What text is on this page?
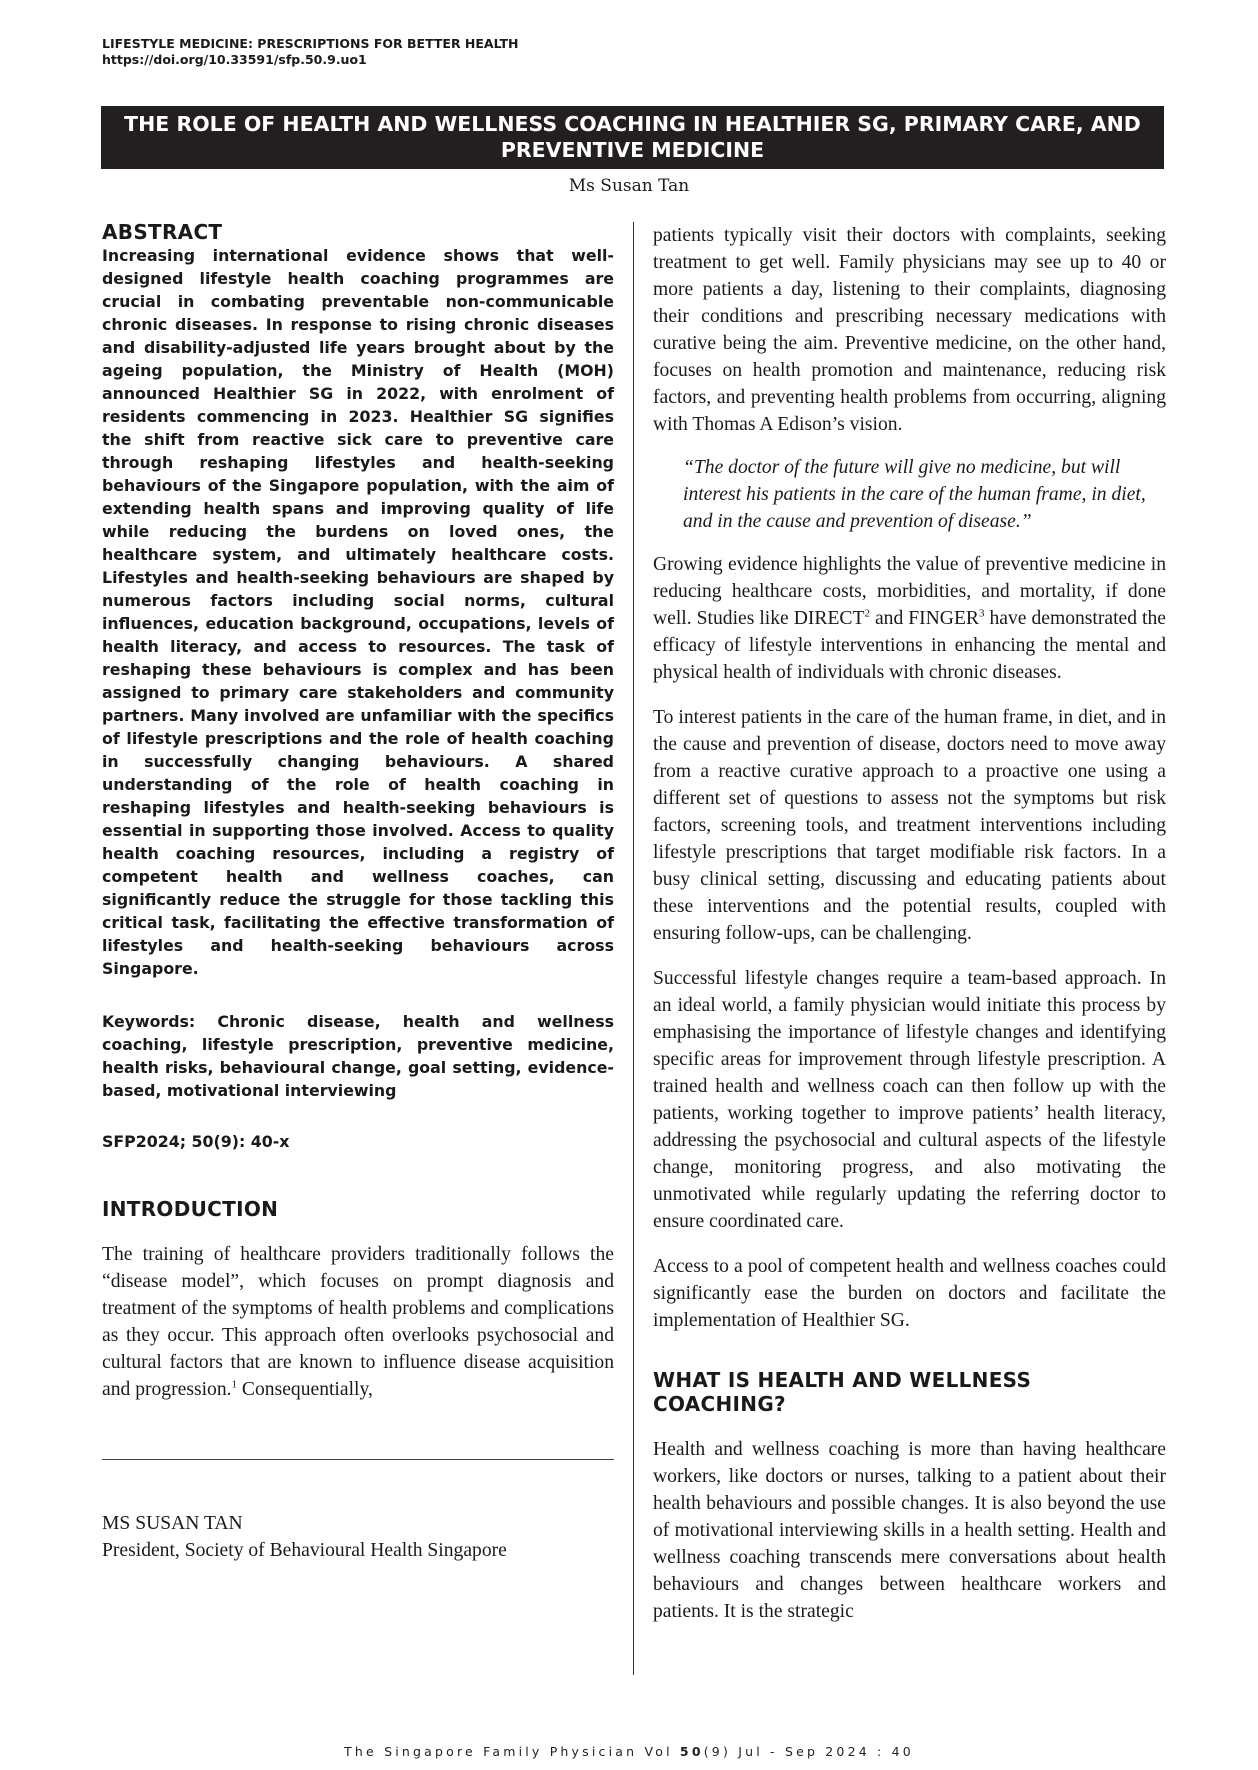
LIFESTYLE MEDICINE: PRESCRIPTIONS FOR BETTER HEALTH
https://doi.org/10.33591/sfp.50.9.uo1
THE ROLE OF HEALTH AND WELLNESS COACHING IN HEALTHIER SG, PRIMARY CARE, AND PREVENTIVE MEDICINE
Ms Susan Tan
ABSTRACT

Increasing international evidence shows that well-designed lifestyle health coaching programmes are crucial in combating preventable non-communicable chronic diseases. In response to rising chronic diseases and disability-adjusted life years brought about by the ageing population, the Ministry of Health (MOH) announced Healthier SG in 2022, with enrolment of residents commencing in 2023. Healthier SG signifies the shift from reactive sick care to preventive care through reshaping lifestyles and health-seeking behaviours of the Singapore population, with the aim of extending health spans and improving quality of life while reducing the burdens on loved ones, the healthcare system, and ultimately healthcare costs. Lifestyles and health-seeking behaviours are shaped by numerous factors including social norms, cultural influences, education background, occupations, levels of health literacy, and access to resources. The task of reshaping these behaviours is complex and has been assigned to primary care stakeholders and community partners. Many involved are unfamiliar with the specifics of lifestyle prescriptions and the role of health coaching in successfully changing behaviours. A shared understanding of the role of health coaching in reshaping lifestyles and health-seeking behaviours is essential in supporting those involved. Access to quality health coaching resources, including a registry of competent health and wellness coaches, can significantly reduce the struggle for those tackling this critical task, facilitating the effective transformation of lifestyles and health-seeking behaviours across Singapore.

Keywords: Chronic disease, health and wellness coaching, lifestyle prescription, preventive medicine, health risks, behavioural change, goal setting, evidence-based, motivational interviewing

SFP2024; 50(9): 40-x

INTRODUCTION

The training of healthcare providers traditionally follows the “disease model”, which focuses on prompt diagnosis and treatment of the symptoms of health problems and complications as they occur. This approach often overlooks psychosocial and cultural factors that are known to influence disease acquisition and progression.$^1$ Consequentially,

MS SUSAN TAN
President, Society of Behavioural Health Singapore

patients typically visit their doctors with complaints, seeking treatment to get well. Family physicians may see up to 40 or more patients a day, listening to their complaints, diagnosing their conditions and prescribing necessary medications with curative being the aim. Preventive medicine, on the other hand, focuses on health promotion and maintenance, reducing risk factors, and preventing health problems from occurring, aligning with Thomas A Edison’s vision.

“The doctor of the future will give no medicine, but will interest his patients in the care of the human frame, in diet, and in the cause and prevention of disease.”

Growing evidence highlights the value of preventive medicine in reducing healthcare costs, morbidities, and mortality, if done well. Studies like DIRECT$^2$ and FINGER$^3$ have demonstrated the efficacy of lifestyle interventions in enhancing the mental and physical health of individuals with chronic diseases.

To interest patients in the care of the human frame, in diet, and in the cause and prevention of disease, doctors need to move away from a reactive curative approach to a proactive one using a different set of questions to assess not the symptoms but risk factors, screening tools, and treatment interventions including lifestyle prescriptions that target modifiable risk factors. In a busy clinical setting, discussing and educating patients about these interventions and the potential results, coupled with ensuring follow-ups, can be challenging.

Successful lifestyle changes require a team-based approach. In an ideal world, a family physician would initiate this process by emphasising the importance of lifestyle changes and identifying specific areas for improvement through lifestyle prescription. A trained health and wellness coach can then follow up with the patients, working together to improve patients’ health literacy, addressing the psychosocial and cultural aspects of the lifestyle change, monitoring progress, and also motivating the unmotivated while regularly updating the referring doctor to ensure coordinated care.

Access to a pool of competent health and wellness coaches could significantly ease the burden on doctors and facilitate the implementation of Healthier SG.

WHAT IS HEALTH AND WELLNESS COACHING?

Health and wellness coaching is more than having healthcare workers, like doctors or nurses, talking to a patient about their health behaviours and possible changes. It is also beyond the use of motivational interviewing skills in a health setting. Health and wellness coaching transcends mere conversations about health behaviours and changes between healthcare workers and patients. It is the strategic

The Singapore Family Physician Vol 50(9) Jul - Sep 2024 : 40
